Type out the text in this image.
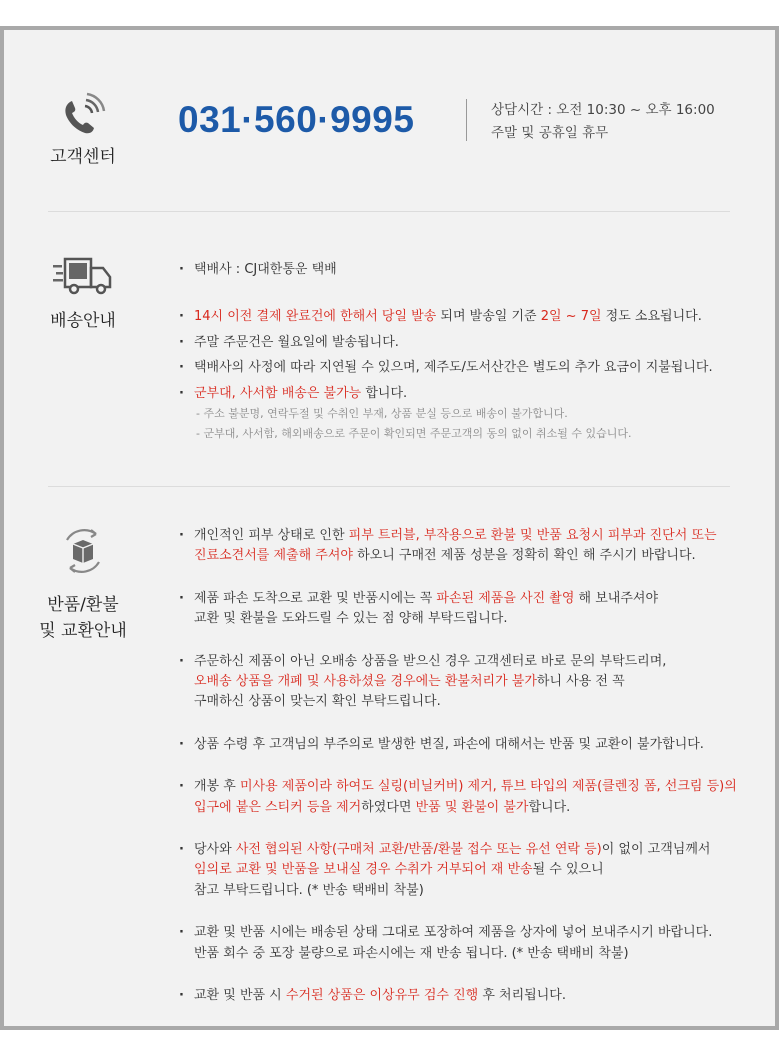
고객센터
031·560·9995	상담시간 : 오전 10:30 ~ 오후 16:00
주말 및 공휴일 휴무
배송안내
· 택배사 : CJ대한통운 택배
· 14시 이전 결제 완료건에 한해서 당일 발송 되며 발송일 기준 2일 ~ 7일 정도 소요됩니다.
· 주말 주문건은 월요일에 발송됩니다.
· 택배사의 사정에 따라 지연될 수 있으며, 제주도/도서산간은 별도의 추가 요금이 지불됩니다.
· 군부대, 사서함 배송은 불가능 합니다.
- 주소 불분명, 연락두절 및 수취인 부재, 상품 분실 등으로 배송이 불가합니다.
- 군부대, 사서함, 해외배송으로 주문이 확인되면 주문고객의 동의 없이 취소될 수 있습니다.
반품/환불
및 교환안내
· 개인적인 피부 상태로 인한 피부 트러블, 부작용으로 환불 및 반품 요청시 피부과 진단서 또는
진료소견서를 제출해 주셔야 하오니 구매전 제품 성분을 정확히 확인 해 주시기 바랍니다.
· 제품 파손 도착으로 교환 및 반품시에는 꼭 파손된 제품을 사진 촬영 해 보내주셔야
교환 및 환불을 도와드릴 수 있는 점 양해 부탁드립니다.
· 주문하신 제품이 아닌 오배송 상품을 받으신 경우 고객센터로 바로 문의 부탁드리며,
오배송 상품을 개폐 및 사용하셨을 경우에는 환불처리가 불가하니 사용 전 꼭
구매하신 상품이 맞는지 확인 부탁드립니다.
· 상품 수령 후 고객님의 부주의로 발생한 변질, 파손에 대해서는 반품 및 교환이 불가합니다.
· 개봉 후 미사용 제품이라 하여도 실링(비닐커버) 제거, 튜브 타입의 제품(클렌징 폼, 선크림 등)의
입구에 붙은 스티커 등을 제거하였다면 반품 및 환불이 불가합니다.
· 당사와 사전 협의된 사항(구매처 교환/반품/환불 접수 또는 유선 연락 등)이 없이 고객님께서
임의로 교환 및 반품을 보내실 경우 수취가 거부되어 재 반송될 수 있으니
참고 부탁드립니다. (* 반송 택배비 착불)
· 교환 및 반품 시에는 배송된 상태 그대로 포장하여 제품을 상자에 넣어 보내주시기 바랍니다.
반품 회수 중 포장 불량으로 파손시에는 재 반송 됩니다. (* 반송 택배비 착불)
· 교환 및 반품 시 수거된 상품은 이상유무 검수 진행 후 처리됩니다.
